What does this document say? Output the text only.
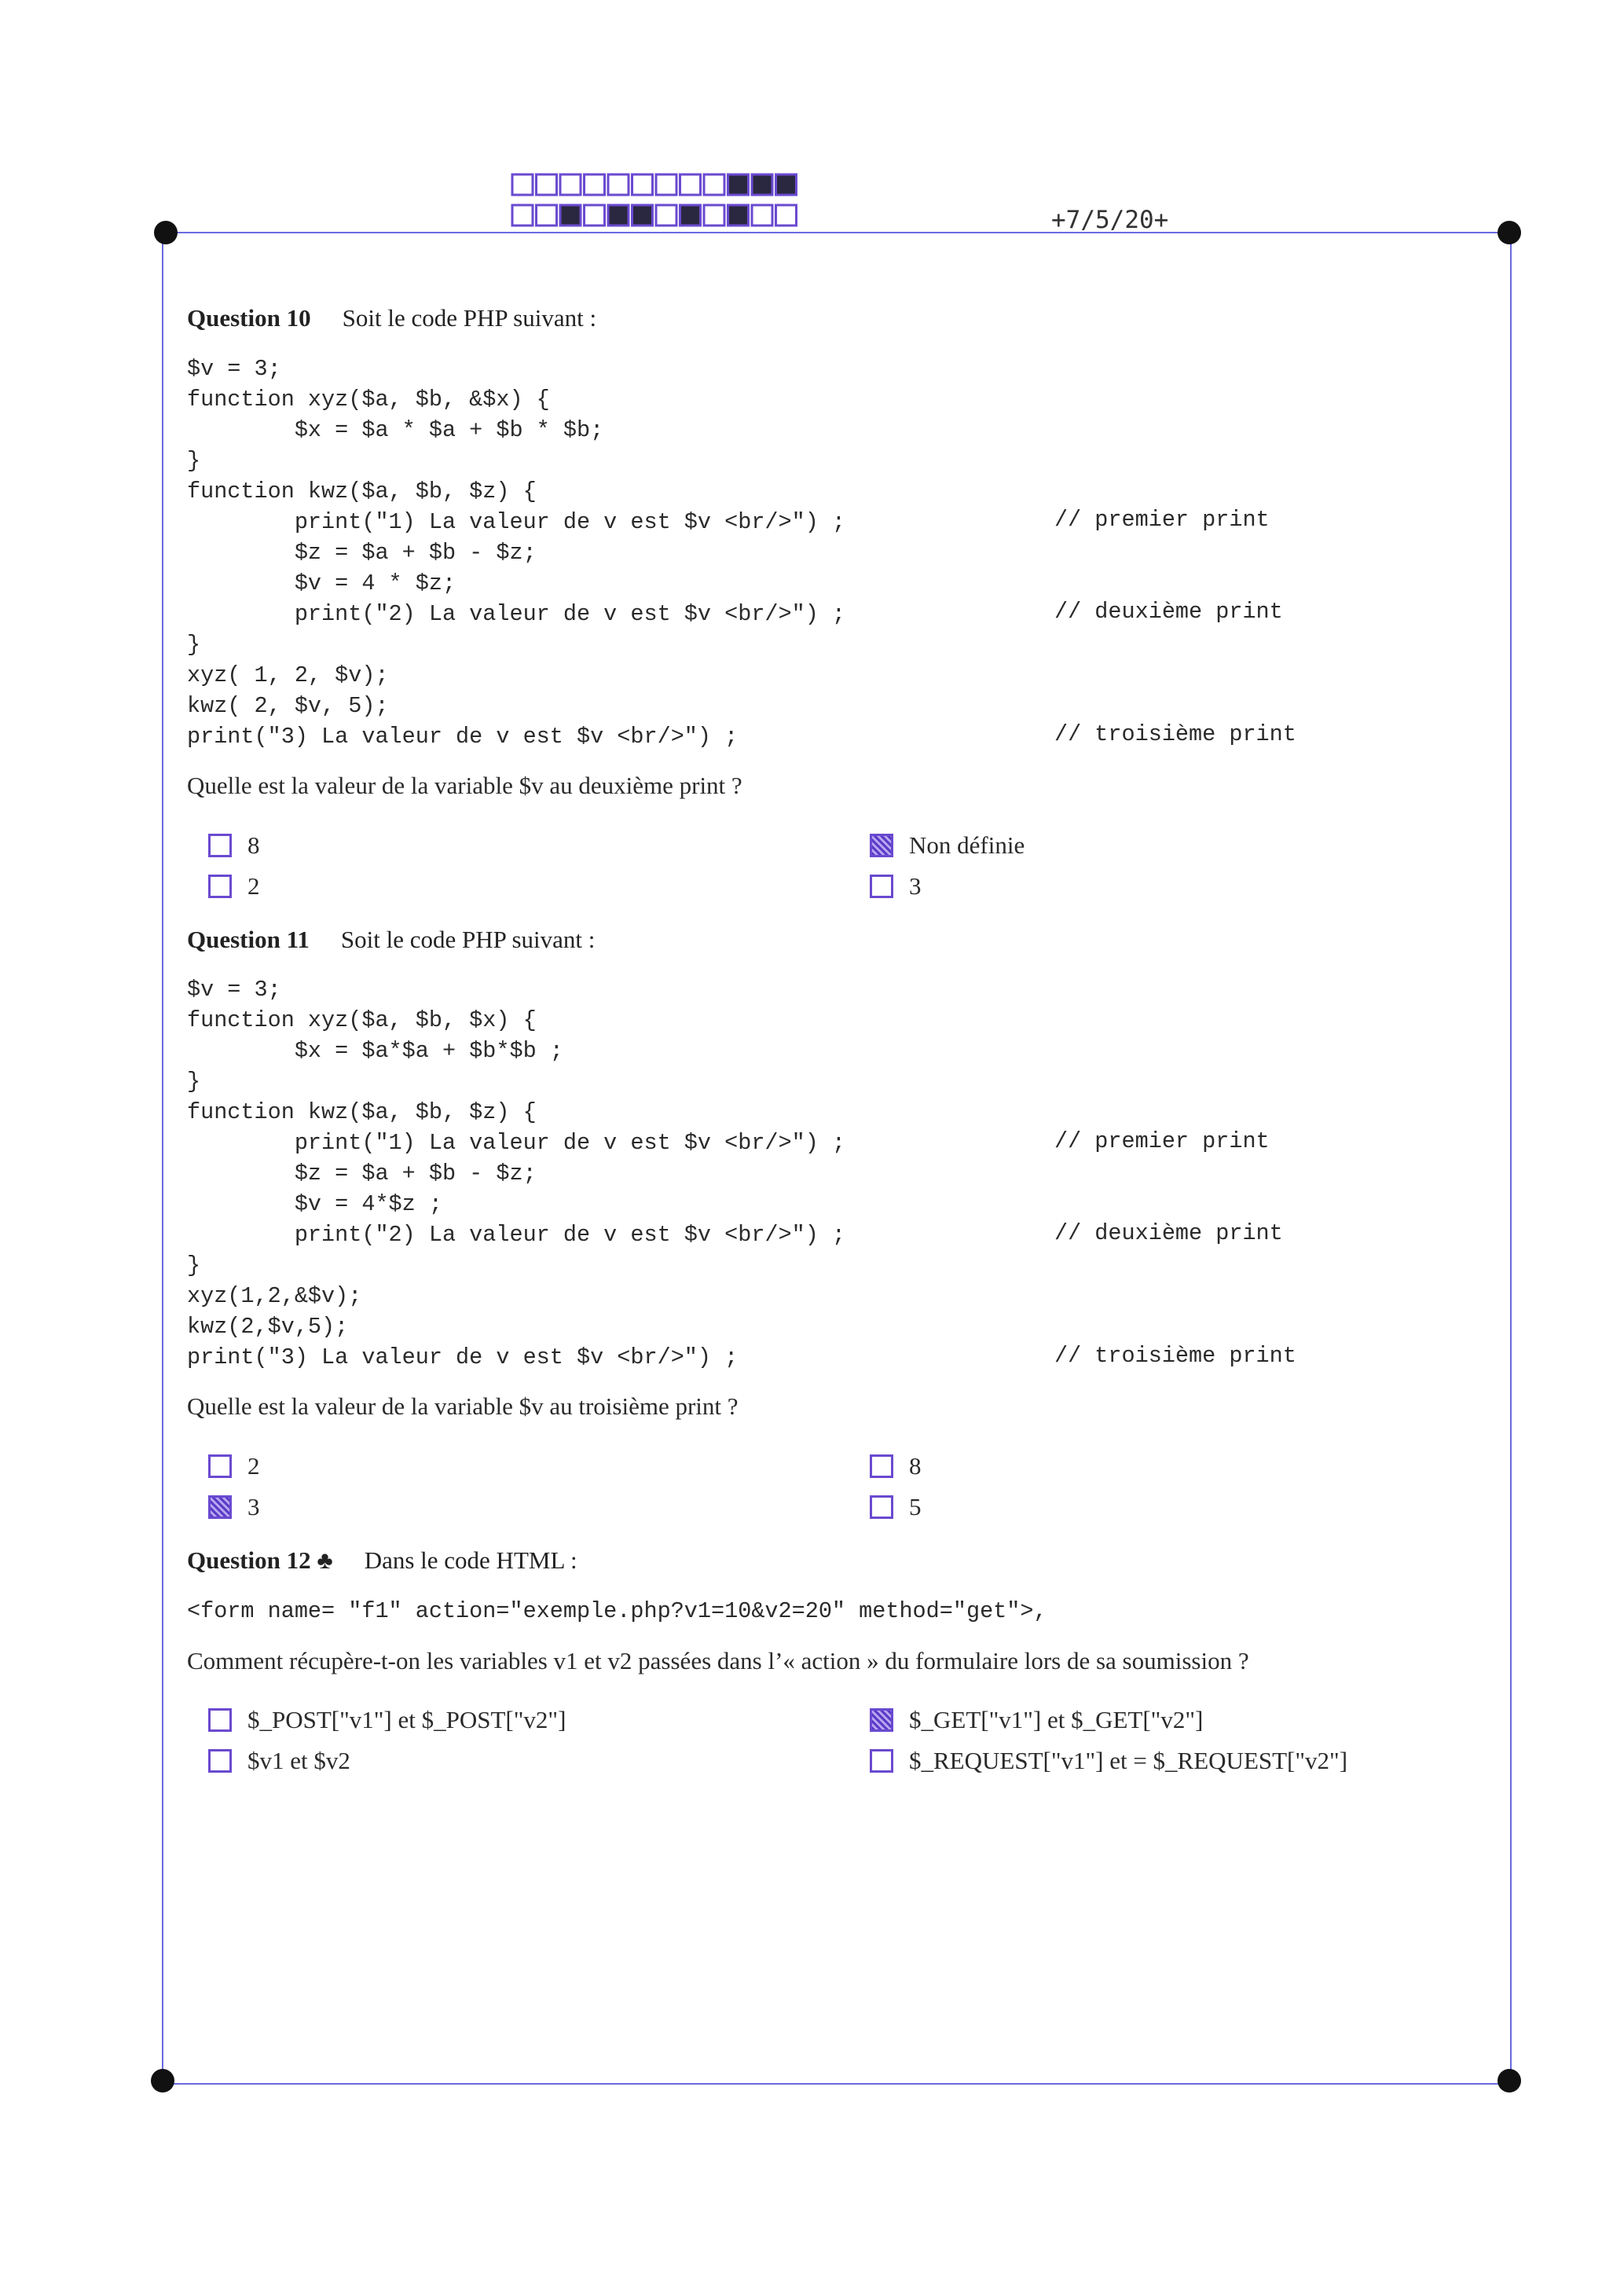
+7/5/20+
Question 10 Soit le code PHP suivant :
$v = 3;
function xyz($a, $b, &$x) {
$x = $a * $a + $b * $b;
}
function kwz($a, $b, $z) {
print("1) La valeur de v est $v <br/>") ;
$z = $a + $b - $z;
$v = 4 * $z;
print("2) La valeur de v est $v <br/>") ;
}
xyz( 1, 2, $v);
kwz( 2, $v, 5);
print("3) La valeur de v est $v <br/>") ;
// premier print
// deuxième print
// troisième print
Quelle est la valeur de la variable $v au deuxième print ?
8	Non définie
2	3
Question 11 Soit le code PHP suivant :
$v = 3;
function xyz($a, $b, $x) {
$x = $a*$a + $b*$b ;
}
function kwz($a, $b, $z) {
print("1) La valeur de v est $v <br/>") ;
$z = $a + $b - $z;
$v = 4*$z ;
print("2) La valeur de v est $v <br/>") ;
}
xyz(1,2,&$v);
kwz(2,$v,5);
print("3) La valeur de v est $v <br/>") ;
// premier print
// deuxième print
// troisième print
Quelle est la valeur de la variable $v au troisième print ?
2	8
3	5
Question 12 ♣ Dans le code HTML :
<form name= "f1" action="exemple.php?v1=10&v2=20" method="get">,
Comment récupère-t-on les variables v1 et v2 passées dans l’« action » du formulaire lors de sa soumission ?
$_POST["v1"] et $_POST["v2"]	$_GET["v1"] et $_GET["v2"]
$v1 et $v2	$_REQUEST["v1"] et = $_REQUEST["v2"]
